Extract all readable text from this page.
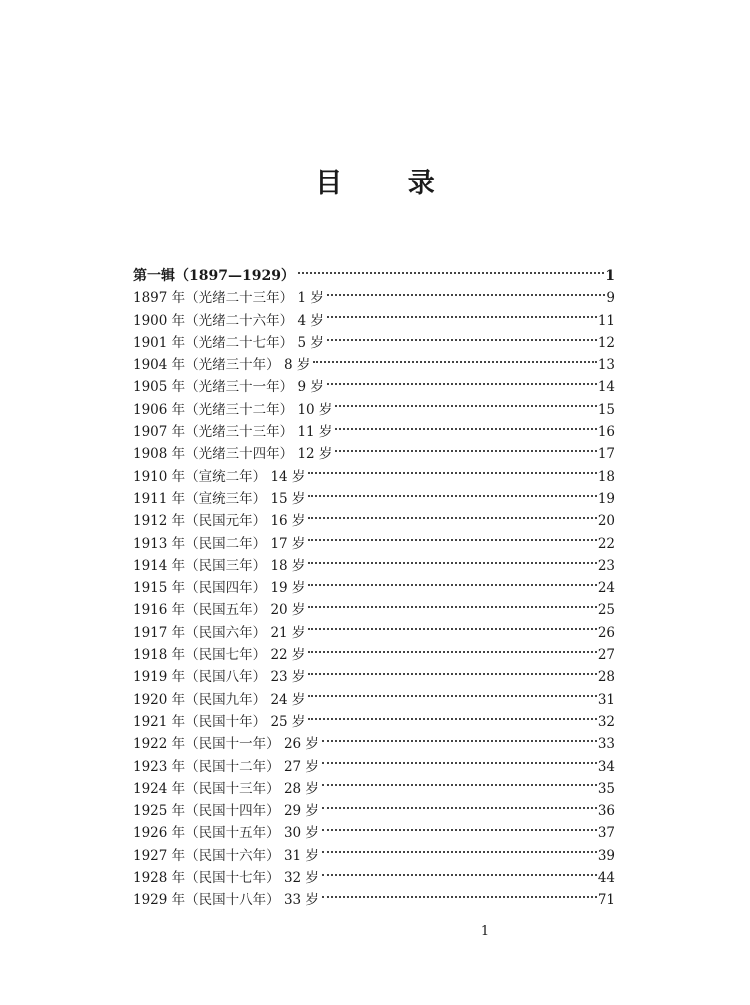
目 录
第一辑（1897—1929）	1
1897 年（光绪二十三年） 1 岁	9
1900 年（光绪二十六年） 4 岁	11
1901 年（光绪二十七年） 5 岁	12
1904 年（光绪三十年） 8 岁	13
1905 年（光绪三十一年） 9 岁	14
1906 年（光绪三十二年） 10 岁	15
1907 年（光绪三十三年） 11 岁	16
1908 年（光绪三十四年） 12 岁	17
1910 年（宣统二年） 14 岁	18
1911 年（宣统三年） 15 岁	19
1912 年（民国元年） 16 岁	20
1913 年（民国二年） 17 岁	22
1914 年（民国三年） 18 岁	23
1915 年（民国四年） 19 岁	24
1916 年（民国五年） 20 岁	25
1917 年（民国六年） 21 岁	26
1918 年（民国七年） 22 岁	27
1919 年（民国八年） 23 岁	28
1920 年（民国九年） 24 岁	31
1921 年（民国十年） 25 岁	32
1922 年（民国十一年） 26 岁	33
1923 年（民国十二年） 27 岁	34
1924 年（民国十三年） 28 岁	35
1925 年（民国十四年） 29 岁	36
1926 年（民国十五年） 30 岁	37
1927 年（民国十六年） 31 岁	39
1928 年（民国十七年） 32 岁	44
1929 年（民国十八年） 33 岁	71
1
